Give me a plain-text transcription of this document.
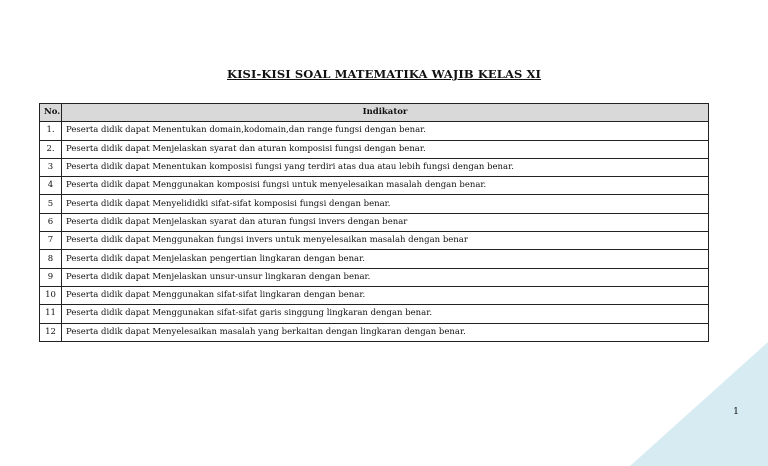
KISI-KISI SOAL MATEMATIKA WAJIB KELAS XI
No.	Indikator
1.	Peserta didik dapat Menentukan domain,kodomain,dan range fungsi dengan benar.
2.	Peserta didik dapat Menjelaskan syarat dan aturan komposisi fungsi dengan benar.
3	Peserta didik dapat Menentukan komposisi fungsi yang terdiri atas dua atau lebih fungsi dengan benar.
4	Peserta didik dapat Menggunakan komposisi fungsi untuk menyelesaikan masalah dengan benar.
5	Peserta didik dapat Menyelididki sifat-sifat komposisi fungsi dengan benar.
6	Peserta didik dapat Menjelaskan syarat dan aturan fungsi invers dengan benar
7	Peserta didik dapat Menggunakan fungsi invers untuk menyelesaikan masalah dengan benar
8	Peserta didik dapat Menjelaskan pengertian lingkaran dengan benar.
9	Peserta didik dapat Menjelaskan unsur-unsur lingkaran dengan benar.
10	Peserta didik dapat Menggunakan sifat-sifat lingkaran dengan benar.
11	Peserta didik dapat Menggunakan sifat-sifat garis singgung lingkaran dengan benar.
12	Peserta didik dapat Menyelesaikan masalah yang berkaitan dengan lingkaran dengan benar.
1
